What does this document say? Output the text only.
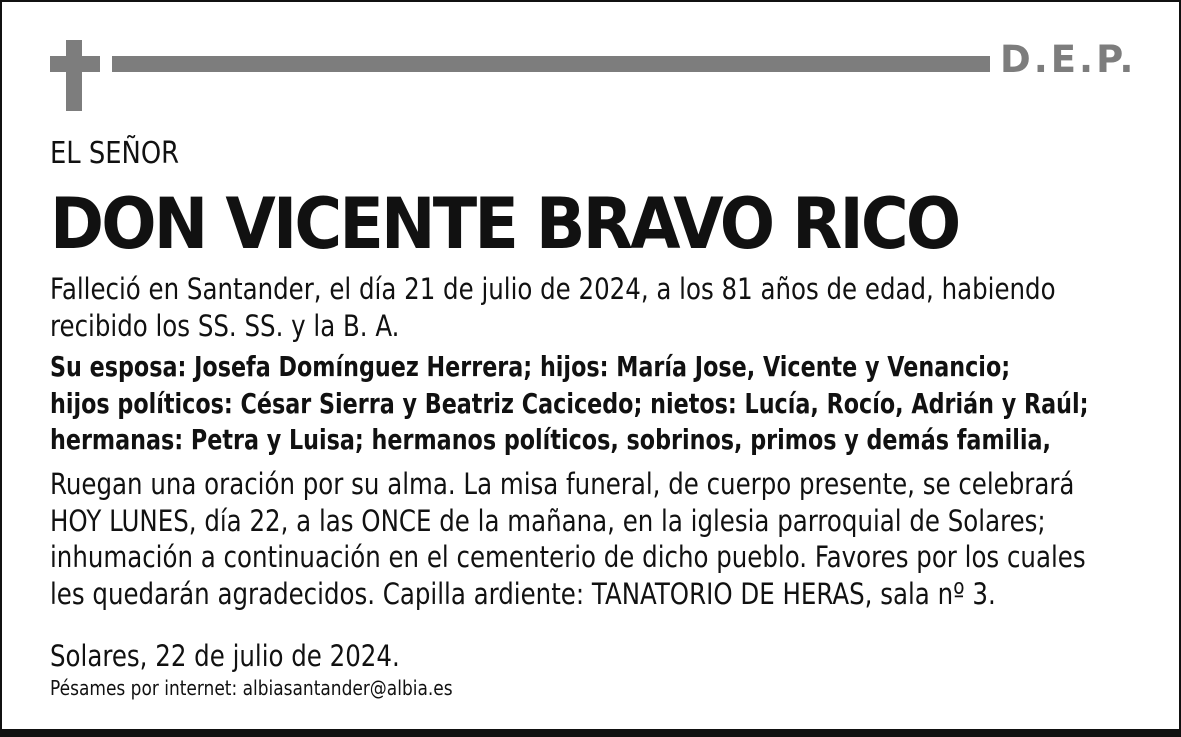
D.E.P.
EL SEÑOR
DON VICENTE BRAVO RICO
Falleció en Santander, el día 21 de julio de 2024, a los 81 años de edad, habiendo
recibido los SS. SS. y la B. A.
Su esposa: Josefa Domínguez Herrera; hijos: María Jose, Vicente y Venancio;
hijos políticos: César Sierra y Beatriz Cacicedo; nietos: Lucía, Rocío, Adrián y Raúl;
hermanas: Petra y Luisa; hermanos políticos, sobrinos, primos y demás familia,
Ruegan una oración por su alma. La misa funeral, de cuerpo presente, se celebrará
HOY LUNES, día 22, a las ONCE de la mañana, en la iglesia parroquial de Solares;
inhumación a continuación en el cementerio de dicho pueblo. Favores por los cuales
les quedarán agradecidos. Capilla ardiente: TANATORIO DE HERAS, sala nº 3.
Solares, 22 de julio de 2024.
Pésames por internet: albiasantander@albia.es
